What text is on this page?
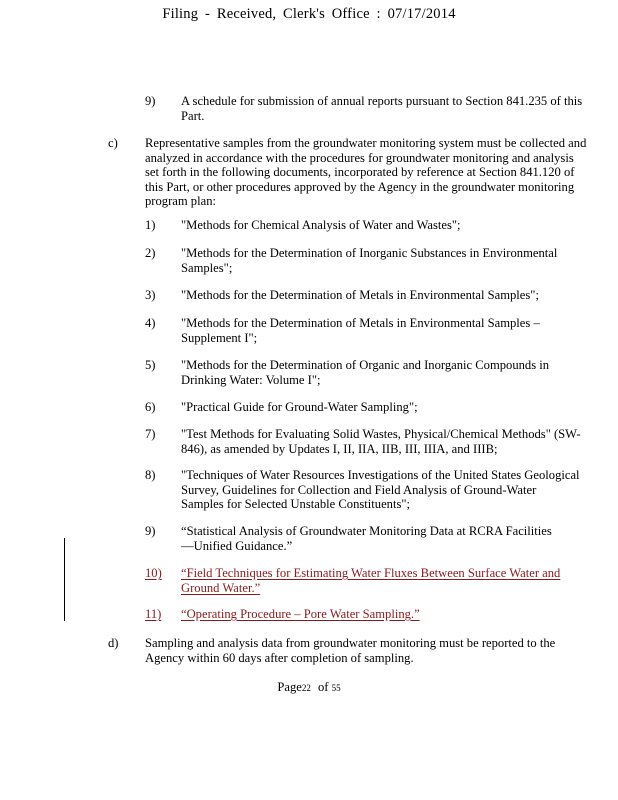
Filing - Received, Clerk's Office : 07/17/2014
9) A schedule for submission of annual reports pursuant to Section 841.235 of this Part.
c) Representative samples from the groundwater monitoring system must be collected and analyzed in accordance with the procedures for groundwater monitoring and analysis set forth in the following documents, incorporated by reference at Section 841.120 of this Part, or other procedures approved by the Agency in the groundwater monitoring program plan:
1) "Methods for Chemical Analysis of Water and Wastes";
2) "Methods for the Determination of Inorganic Substances in Environmental Samples";
3) "Methods for the Determination of Metals in Environmental Samples";
4) "Methods for the Determination of Metals in Environmental Samples – Supplement I";
5) "Methods for the Determination of Organic and Inorganic Compounds in Drinking Water: Volume I";
6) "Practical Guide for Ground-Water Sampling";
7) "Test Methods for Evaluating Solid Wastes, Physical/Chemical Methods" (SW-846), as amended by Updates I, II, IIA, IIB, III, IIIA, and IIIB;
8) "Techniques of Water Resources Investigations of the United States Geological Survey, Guidelines for Collection and Field Analysis of Ground-Water Samples for Selected Unstable Constituents";
9) “Statistical Analysis of Groundwater Monitoring Data at RCRA Facilities—Unified Guidance.”
10) “Field Techniques for Estimating Water Fluxes Between Surface Water and Ground Water.”
11) “Operating Procedure – Pore Water Sampling.”
d) Sampling and analysis data from groundwater monitoring must be reported to the Agency within 60 days after completion of sampling.
Page22 of 55
